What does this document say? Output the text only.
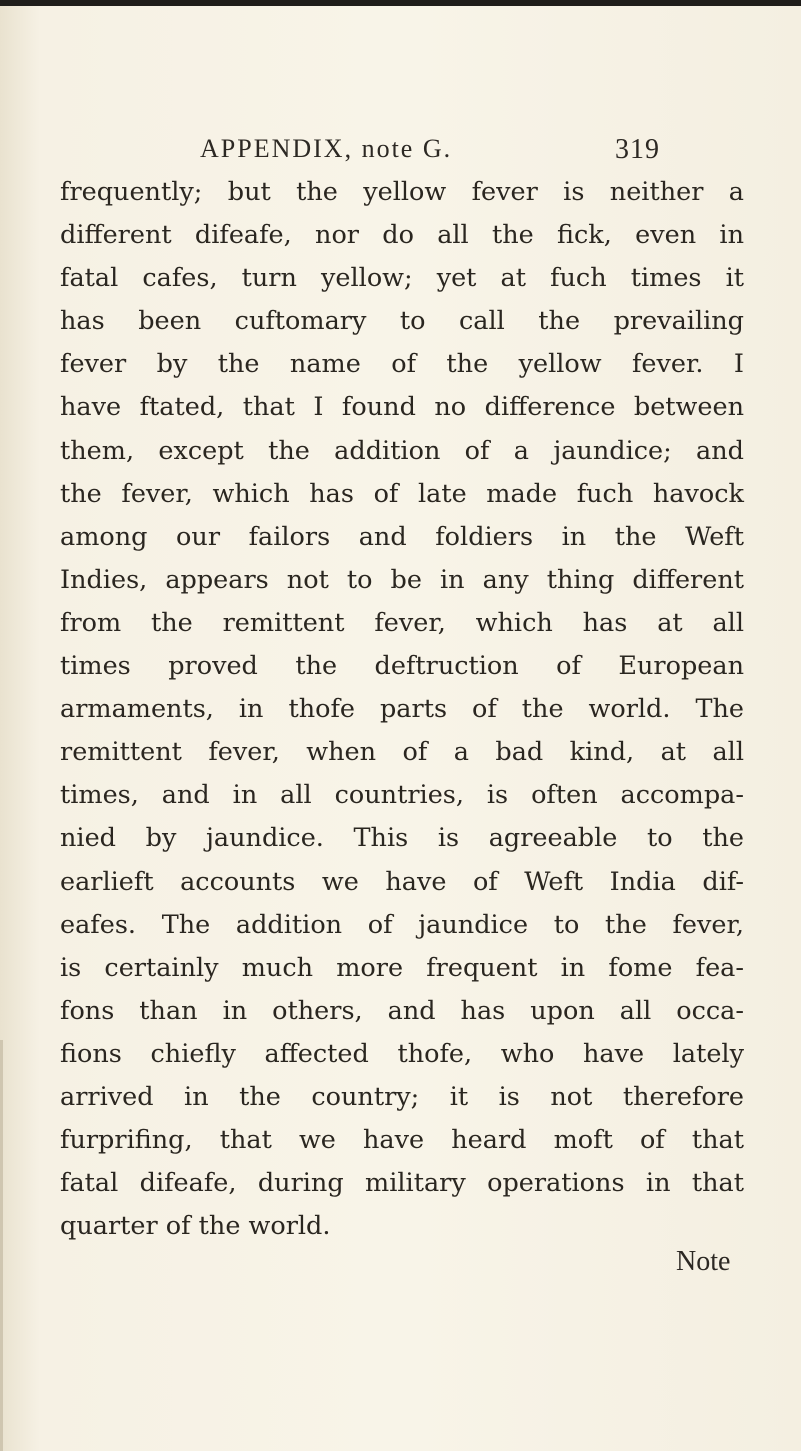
APPENDIX, note G.	319
frequently; but the yellow fever is neither a
different difeafe, nor do all the fick, even in
fatal cafes, turn yellow; yet at fuch times it
has been cuftomary to call the prevailing
fever by the name of the yellow fever. I
have ftated, that I found no difference between
them, except the addition of a jaundice; and
the fever, which has of late made fuch havock
among our failors and foldiers in the Weft
Indies, appears not to be in any thing different
from the remittent fever, which has at all
times proved the deftruction of European
armaments, in thofe parts of the world. The
remittent fever, when of a bad kind, at all
times, and in all countries, is often accompa-
nied by jaundice. This is agreeable to the
earlieft accounts we have of Weft India dif-
eafes. The addition of jaundice to the fever,
is certainly much more frequent in fome fea-
fons than in others, and has upon all occa-
fions chiefly affected thofe, who have lately
arrived in the country; it is not therefore
furprifing, that we have heard moft of that
fatal difeafe, during military operations in that
quarter of the world.
Note
